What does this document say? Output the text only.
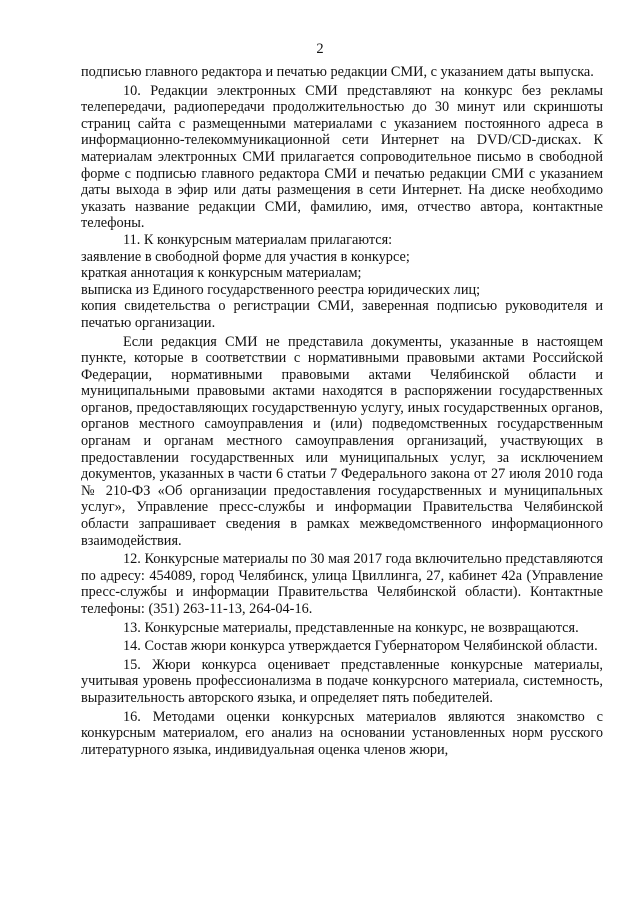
2

подписью главного редактора и печатью редакции СМИ, с указанием даты выпуска.

10. Редакции электронных СМИ представляют на конкурс без рекламы телепередачи, радиопередачи продолжительностью до 30 минут или скриншоты страниц сайта с размещенными материалами с указанием постоянного адреса в информационно-телекоммуникационной сети Интернет на DVD/CD-дисках. К материалам электронных СМИ прилагается сопроводительное письмо в свободной форме с подписью главного редактора СМИ и печатью редакции СМИ с указанием даты выхода в эфир или даты размещения в сети Интернет. На диске необходимо указать название редакции СМИ, фамилию, имя, отчество автора, контактные телефоны.

11. К конкурсным материалам прилагаются:

заявление в свободной форме для участия в конкурсе;

краткая аннотация к конкурсным материалам;

выписка из Единого государственного реестра юридических лиц;

копия свидетельства о регистрации СМИ, заверенная подписью руководителя и печатью организации.

Если редакция СМИ не представила документы, указанные в настоящем пункте, которые в соответствии с нормативными правовыми актами Российской Федерации, нормативными правовыми актами Челябинской области и муниципальными правовыми актами находятся в распоряжении государственных органов, предоставляющих государственную услугу, иных государственных органов, органов местного самоуправления и (или) подведомственных государственным органам и органам местного самоуправления организаций, участвующих в предоставлении государственных или муниципальных услуг, за исключением документов, указанных в части 6 статьи 7 Федерального закона от 27 июля 2010 года № 210-ФЗ «Об организации предоставления государственных и муниципальных услуг», Управление пресс-службы и информации Правительства Челябинской области запрашивает сведения в рамках межведомственного информационного взаимодействия.

12. Конкурсные материалы по 30 мая 2017 года включительно представляются по адресу: 454089, город Челябинск, улица Цвиллинга, 27, кабинет 42а (Управление пресс-службы и информации Правительства Челябинской области). Контактные телефоны: (351) 263-11-13, 264-04-16.

13. Конкурсные материалы, представленные на конкурс, не возвращаются.

14. Состав жюри конкурса утверждается Губернатором Челябинской области.

15. Жюри конкурса оценивает представленные конкурсные материалы, учитывая уровень профессионализма в подаче конкурсного материала, системность, выразительность авторского языка, и определяет пять победителей.

16. Методами оценки конкурсных материалов являются знакомство с конкурсным материалом, его анализ на основании установленных норм русского литературного языка, индивидуальная оценка членов жюри,
